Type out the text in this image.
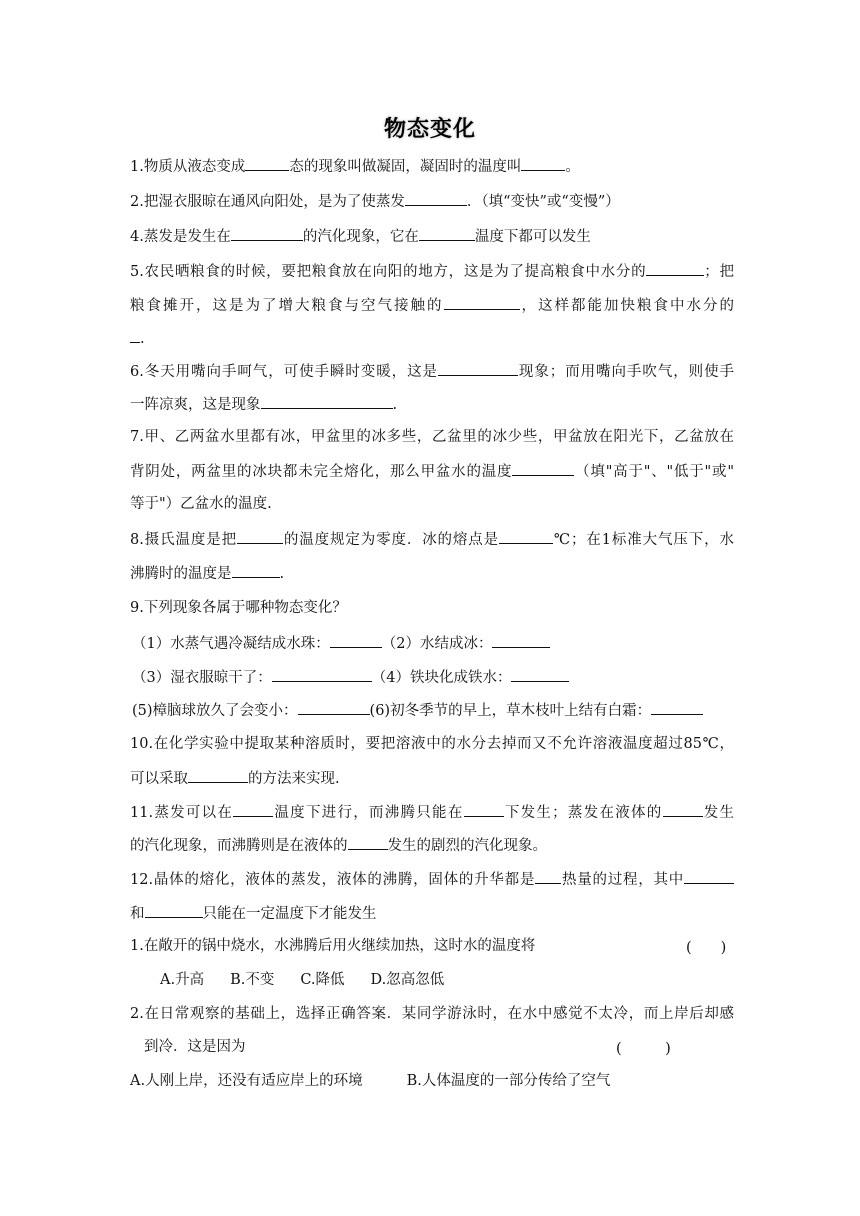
物态变化
1.物质从液态变成	态的现象叫做凝固，凝固时的温度叫	。
2.把湿衣服晾在通风向阳处，是为了使蒸发	．（填“变快”或“变慢”）
4.蒸发是发生在	的汽化现象，它在	温度下都可以发生
5.农民晒粮食的时候，要把粮食放在向阳的地方，这是为了提高粮食中水分的	；把
粮食摊开，这是为了增大粮食与空气接触的	，这样都能加快粮食中水分的
.
6.冬天用嘴向手呵气，可使手瞬时变暖，这是	现象；而用嘴向手吹气，则使手
一阵凉爽，这是现象	.
7.甲、乙两盆水里都有冰，甲盆里的冰多些，乙盆里的冰少些，甲盆放在阳光下，乙盆放在
背阴处，两盆里的冰块都未完全熔化，那么甲盆水的温度	（填"高于"、"低于"或"
等于"）乙盆水的温度.
8.摄氏温度是把	的温度规定为零度．冰的熔点是	℃；在1标准大气压下，水
沸腾时的温度是	.
9.下列现象各属于哪种物态变化？
（1）水蒸气遇冷凝结成水珠：	（2）水结成冰：
（3）湿衣服晾干了：	（4）铁块化成铁水：
(5)樟脑球放久了会变小：	(6)初冬季节的早上，草木枝叶上结有白霜：
10.在化学实验中提取某种溶质时，要把溶液中的水分去掉而又不允许溶液温度超过85℃，
可以采取	的方法来实现.
11.蒸发可以在	温度下进行，而沸腾只能在	下发生；蒸发在液体的	发生
的汽化现象，而沸腾则是在液体的	发生的剧烈的汽化现象。
12.晶体的熔化，液体的蒸发，液体的沸腾，固体的升华都是 热量的过程，其中
和	只能在一定温度下才能发生
1.在敞开的锅中烧水，水沸腾后用火继续加热，这时水的温度将	(　　)
A.升高 B.不变 C.降低 D.忽高忽低
2.在日常观察的基础上，选择正确答案．某同学游泳时，在水中感觉不太冷，而上岸后却感
到冷．这是因为	(　　　)
A.人刚上岸，还没有适应岸上的环境	B.人体温度的一部分传给了空气
